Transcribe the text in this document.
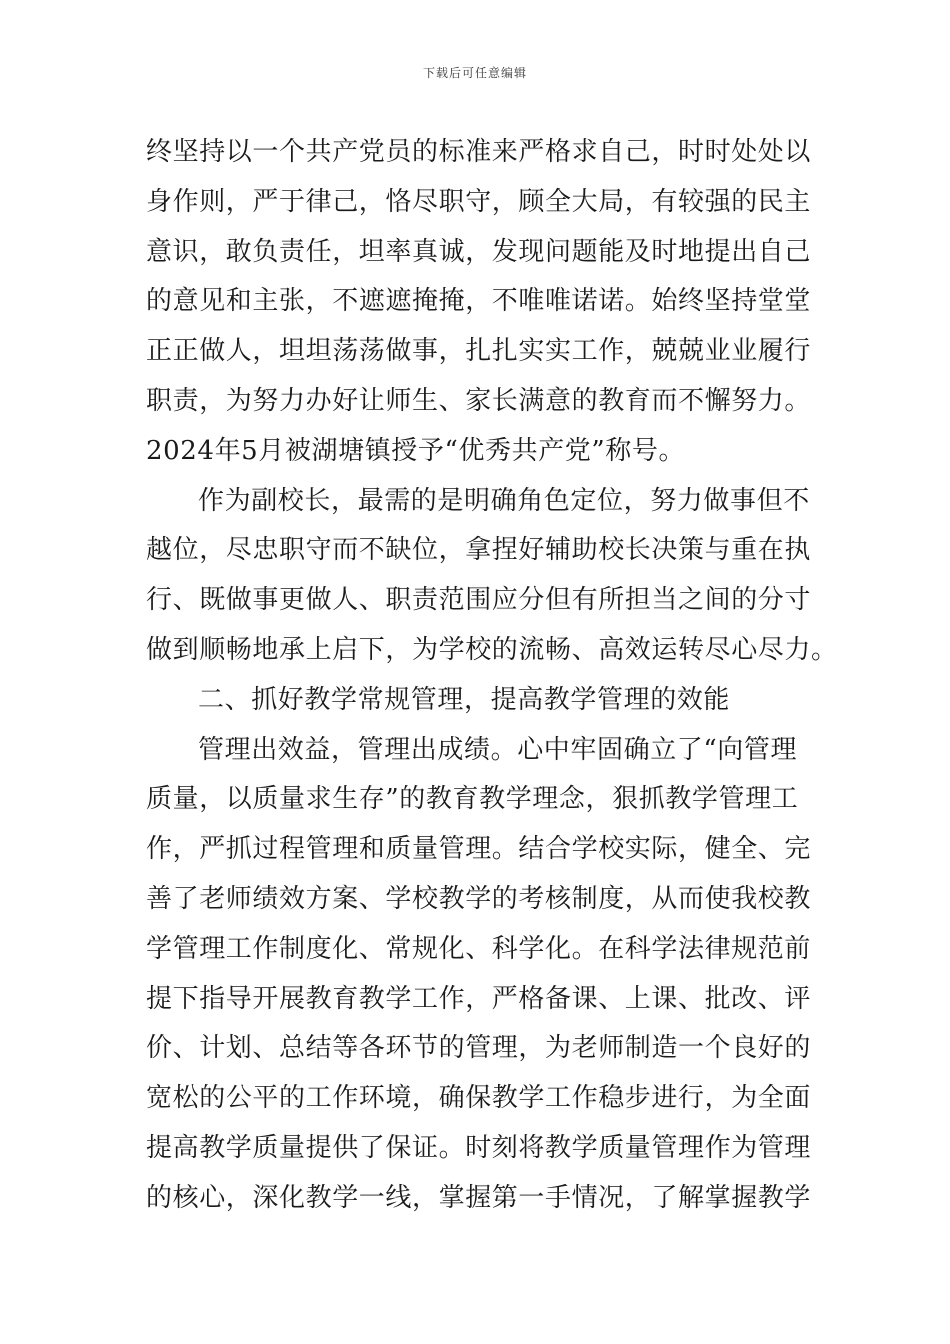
下载后可任意编辑
终坚持以一个共产党员的标准来严格求自己，时时处处以
身作则，严于律己，恪尽职守，顾全大局，有较强的民主
意识，敢负责任，坦率真诚，发现问题能及时地提出自己
的意见和主张，不遮遮掩掩，不唯唯诺诺。始终坚持堂堂
正正做人，坦坦荡荡做事，扎扎实实工作，兢兢业业履行
职责，为努力办好让师生、家长满意的教育而不懈努力。
2024年5月被湖塘镇授予“优秀共产党”称号。
作为副校长，最需的是明确角色定位，努力做事但不
越位，尽忠职守而不缺位，拿捏好辅助校长决策与重在执
行、既做事更做人、职责范围应分但有所担当之间的分寸
做到顺畅地承上启下，为学校的流畅、高效运转尽心尽力。
二、抓好教学常规管理，提高教学管理的效能
管理出效益，管理出成绩。心中牢固确立了“向管理
质量，以质量求生存”的教育教学理念，狠抓教学管理工
作，严抓过程管理和质量管理。结合学校实际，健全、完
善了老师绩效方案、学校教学的考核制度，从而使我校教
学管理工作制度化、常规化、科学化。在科学法律规范前
提下指导开展教育教学工作，严格备课、上课、批改、评
价、计划、总结等各环节的管理，为老师制造一个良好的
宽松的公平的工作环境，确保教学工作稳步进行，为全面
提高教学质量提供了保证。时刻将教学质量管理作为管理
的核心，深化教学一线，掌握第一手情况，了解掌握教学
